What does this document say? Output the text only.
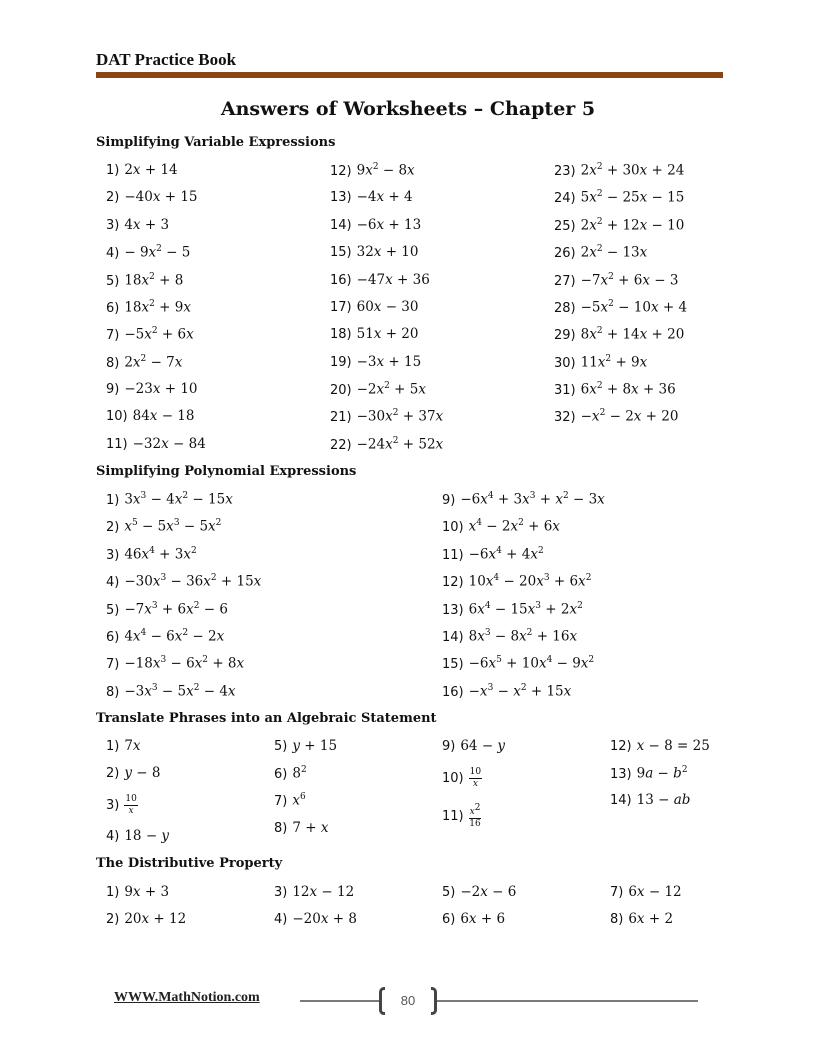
DAT Practice Book
Answers of Worksheets – Chapter 5
Simplifying Variable Expressions
1) 2𝑥 + 14
2) −40𝑥 + 15
3) 4𝑥 + 3
4) − 9𝑥$^2$ − 5
5) 18𝑥$^2$ + 8
6) 18𝑥$^2$ + 9𝑥
7) −5𝑥$^2$ + 6𝑥
8) 2𝑥$^2$ − 7𝑥
9) −23𝑥 + 10
10) 84𝑥 − 18
11) −32𝑥 − 84
12) 9𝑥$^2$ − 8𝑥
13) −4𝑥 + 4
14) −6𝑥 + 13
15) 32𝑥 + 10
16) −47𝑥 + 36
17) 60𝑥 − 30
18) 51𝑥 + 20
19) −3𝑥 + 15
20) −2𝑥$^2$ + 5𝑥
21) −30𝑥$^2$ + 37𝑥
22) −24𝑥$^2$ + 52𝑥
23) 2𝑥$^2$ + 30𝑥 + 24
24) 5𝑥$^2$ − 25𝑥 − 15
25) 2𝑥$^2$ + 12𝑥 − 10
26) 2𝑥$^2$ − 13𝑥
27) −7𝑥$^2$ + 6𝑥 − 3
28) −5𝑥$^2$ − 10𝑥 + 4
29) 8𝑥$^2$ + 14𝑥 + 20
30) 11𝑥$^2$ + 9𝑥
31) 6𝑥$^2$ + 8𝑥 + 36
32) −𝑥$^2$ − 2𝑥 + 20
Simplifying Polynomial Expressions
1) 3𝑥$^3$ − 4𝑥$^2$ − 15𝑥
2) 𝑥$^5$ − 5𝑥$^3$ − 5𝑥$^2$
3) 46𝑥$^4$ + 3𝑥$^2$
4) −30𝑥$^3$ − 36𝑥$^2$ + 15𝑥
5) −7𝑥$^3$ + 6𝑥$^2$ − 6
6) 4𝑥$^4$ − 6𝑥$^2$ − 2𝑥
7) −18𝑥$^3$ − 6𝑥$^2$ + 8𝑥
8) −3𝑥$^3$ − 5𝑥$^2$ − 4𝑥
9) −6𝑥$^4$ + 3𝑥$^3$ + 𝑥$^2$ − 3𝑥
10) 𝑥$^4$ − 2𝑥$^2$ + 6𝑥
11) −6𝑥$^4$ + 4𝑥$^2$
12) 10𝑥$^4$ − 20𝑥$^3$ + 6𝑥$^2$
13) 6𝑥$^4$ − 15𝑥$^3$ + 2𝑥$^2$
14) 8𝑥$^3$ − 8𝑥$^2$ + 16𝑥
15) −6𝑥$^5$ + 10𝑥$^4$ − 9𝑥$^2$
16) −𝑥$^3$ − 𝑥$^2$ + 15𝑥
Translate Phrases into an Algebraic Statement
1) 7𝑥
2) 𝑦 − 8
$3) \frac{10}{\text{𝑥}}$
4) 18 − 𝑦
5) 𝑦 + 15
6) $8^2$
7) 𝑥$^6$
8) 7 + 𝑥
9) 64 − 𝑦
$10) \frac{10}{\text{𝑥}}$
$11) \frac{𝑥^2}{16}$
12) 𝑥 − 8 = 25
13) 9𝑎 − 𝑏$^2$
14) 13 − 𝑎𝑏
The Distributive Property
1) 9𝑥 + 3
2) 20𝑥 + 12
3) 12𝑥 − 12
4) −20𝑥 + 8
5) −2𝑥 − 6
6) 6𝑥 + 6
7) 6𝑥 − 12
8) 6𝑥 + 2
WWW.MathNotion.com	80
